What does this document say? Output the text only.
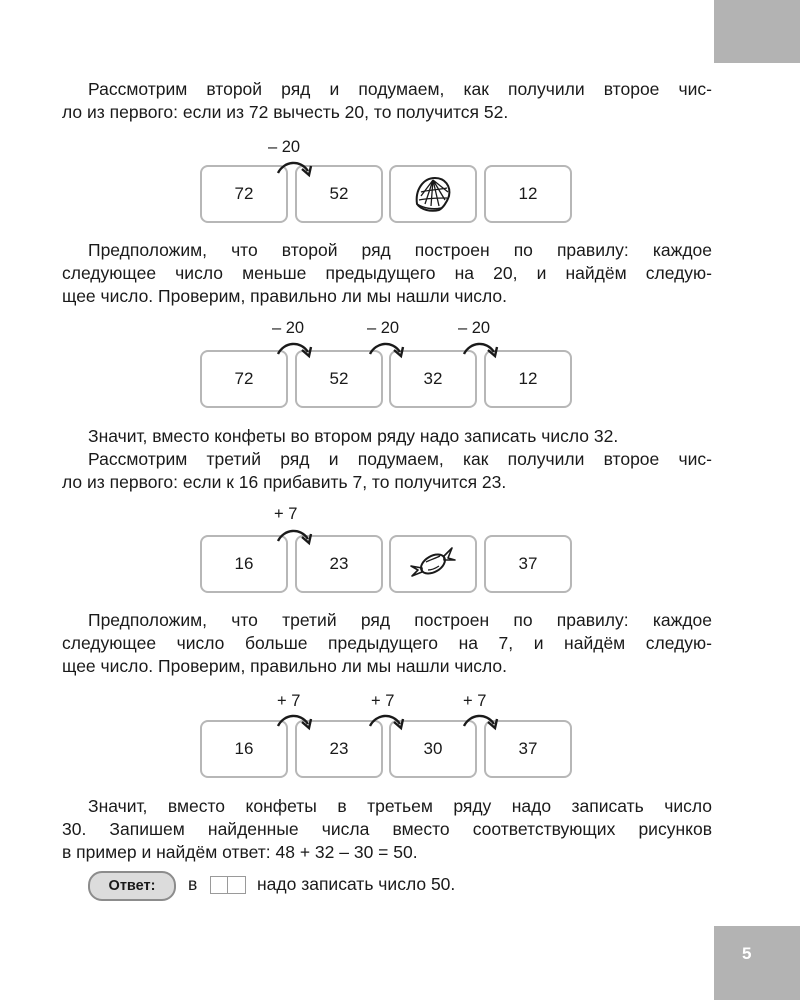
Рассмотрим второй ряд и подумаем, как получили второе чис-
ло из первого: если из 72 вычесть 20, то получится 52.
72	52	12
– 20
Предположим, что второй ряд построен по правилу: каждое
следующее число меньше предыдущего на 20, и найдём следую-
щее число. Проверим, правильно ли мы нашли число.
72	52	32	12
– 20	– 20	– 20
Значит, вместо конфеты во втором ряду надо записать число 32.
Рассмотрим третий ряд и подумаем, как получили второе чис-
ло из первого: если к 16 прибавить 7, то получится 23.
16	23	37
+ 7
Предположим, что третий ряд построен по правилу: каждое
следующее число больше предыдущего на 7, и найдём следую-
щее число. Проверим, правильно ли мы нашли число.
16	23	30	37
+ 7	+ 7	+ 7
Значит, вместо конфеты в третьем ряду надо записать число
30. Запишем найденные числа вместо соответствующих рисунков
в пример и найдём ответ: 48 + 32 – 30 = 50.
Ответ:	в	надо записать число 50.
5
